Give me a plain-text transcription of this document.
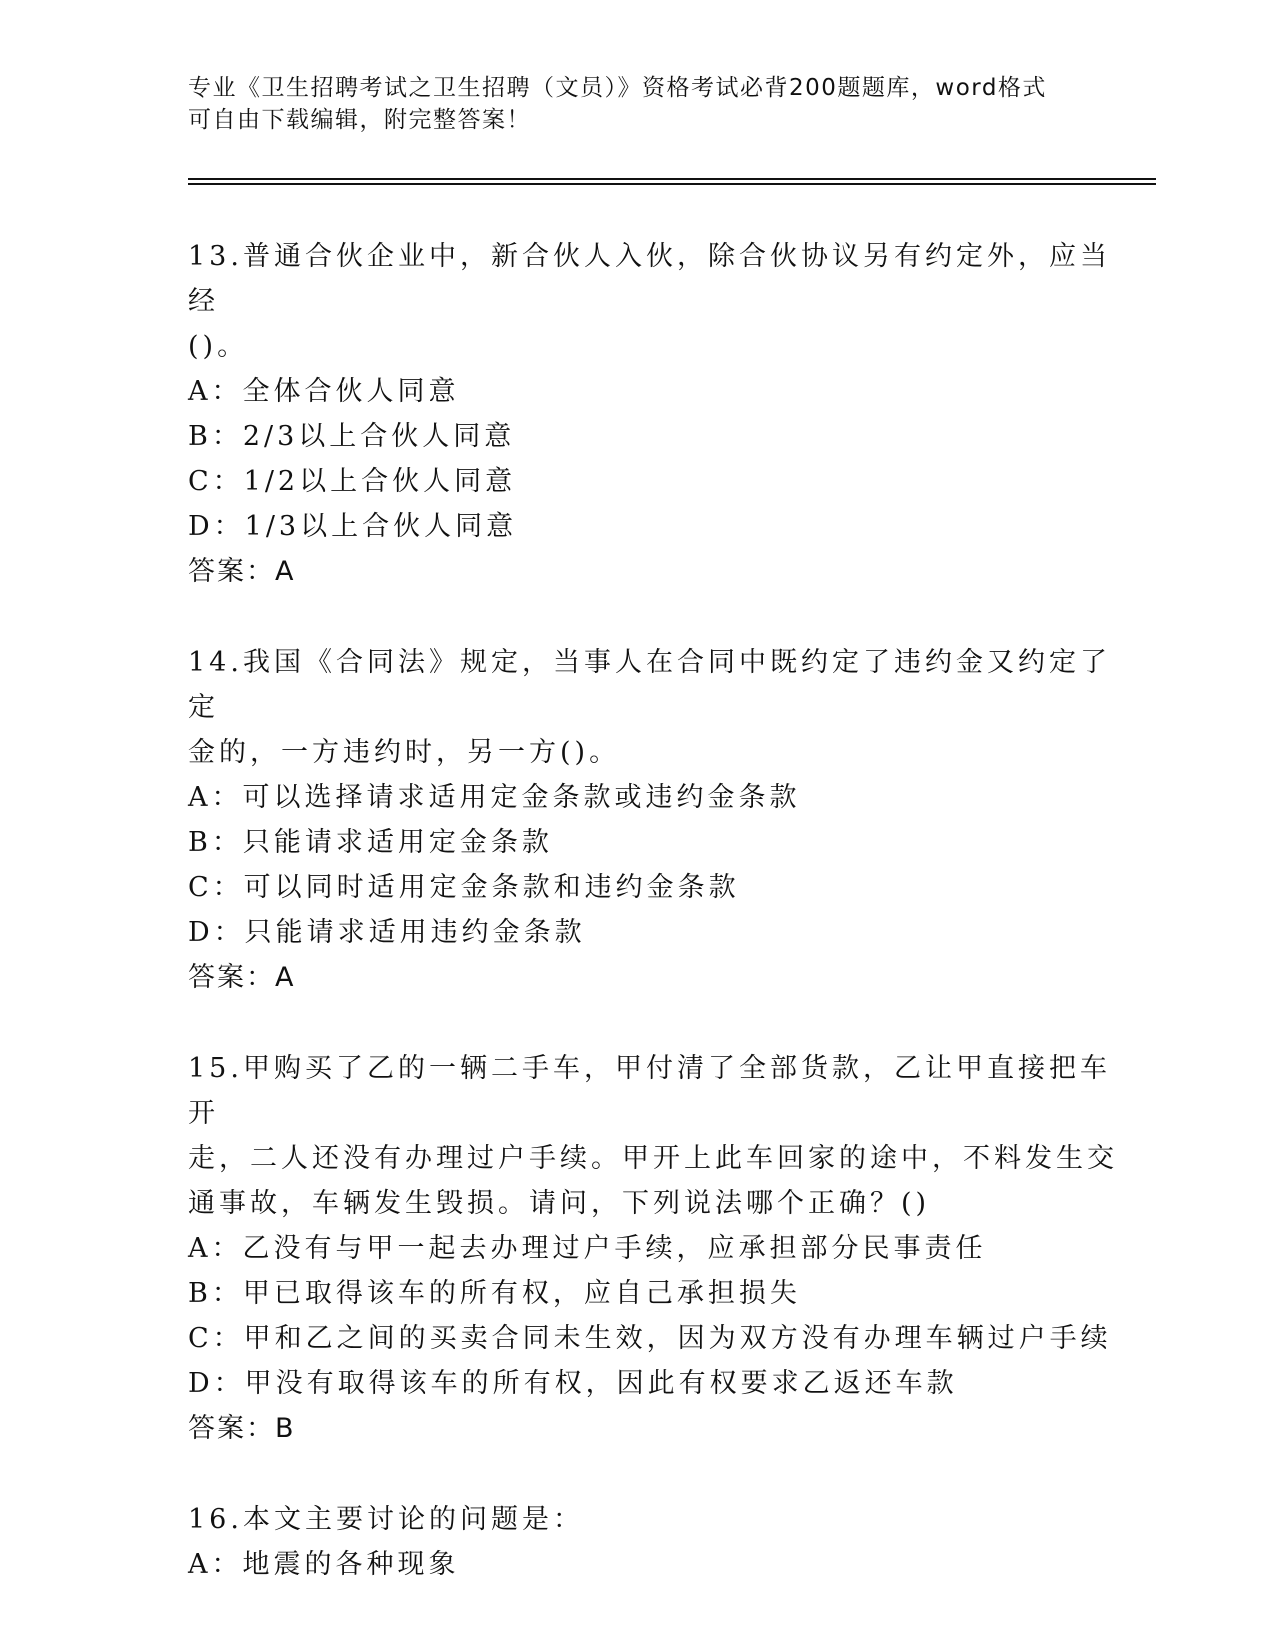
专业《卫生招聘考试之卫生招聘（文员）》资格考试必背200题题库，word格式
可自由下载编辑，附完整答案！

13.普通合伙企业中，新合伙人入伙，除合伙协议另有约定外，应当经

()。

A：全体合伙人同意

B：2/3以上合伙人同意

C：1/2以上合伙人同意

D：1/3以上合伙人同意

答案：A

14.我国《合同法》规定，当事人在合同中既约定了违约金又约定了定

金的，一方违约时，另一方()。

A：可以选择请求适用定金条款或违约金条款

B：只能请求适用定金条款

C：可以同时适用定金条款和违约金条款

D：只能请求适用违约金条款

答案：A

15.甲购买了乙的一辆二手车，甲付清了全部货款，乙让甲直接把车开

走，二人还没有办理过户手续。甲开上此车回家的途中，不料发生交

通事故，车辆发生毁损。请问，下列说法哪个正确？()

A：乙没有与甲一起去办理过户手续，应承担部分民事责任

B：甲已取得该车的所有权，应自己承担损失

C：甲和乙之间的买卖合同未生效，因为双方没有办理车辆过户手续

D：甲没有取得该车的所有权，因此有权要求乙返还车款

答案：B

16.本文主要讨论的问题是：

A：地震的各种现象
